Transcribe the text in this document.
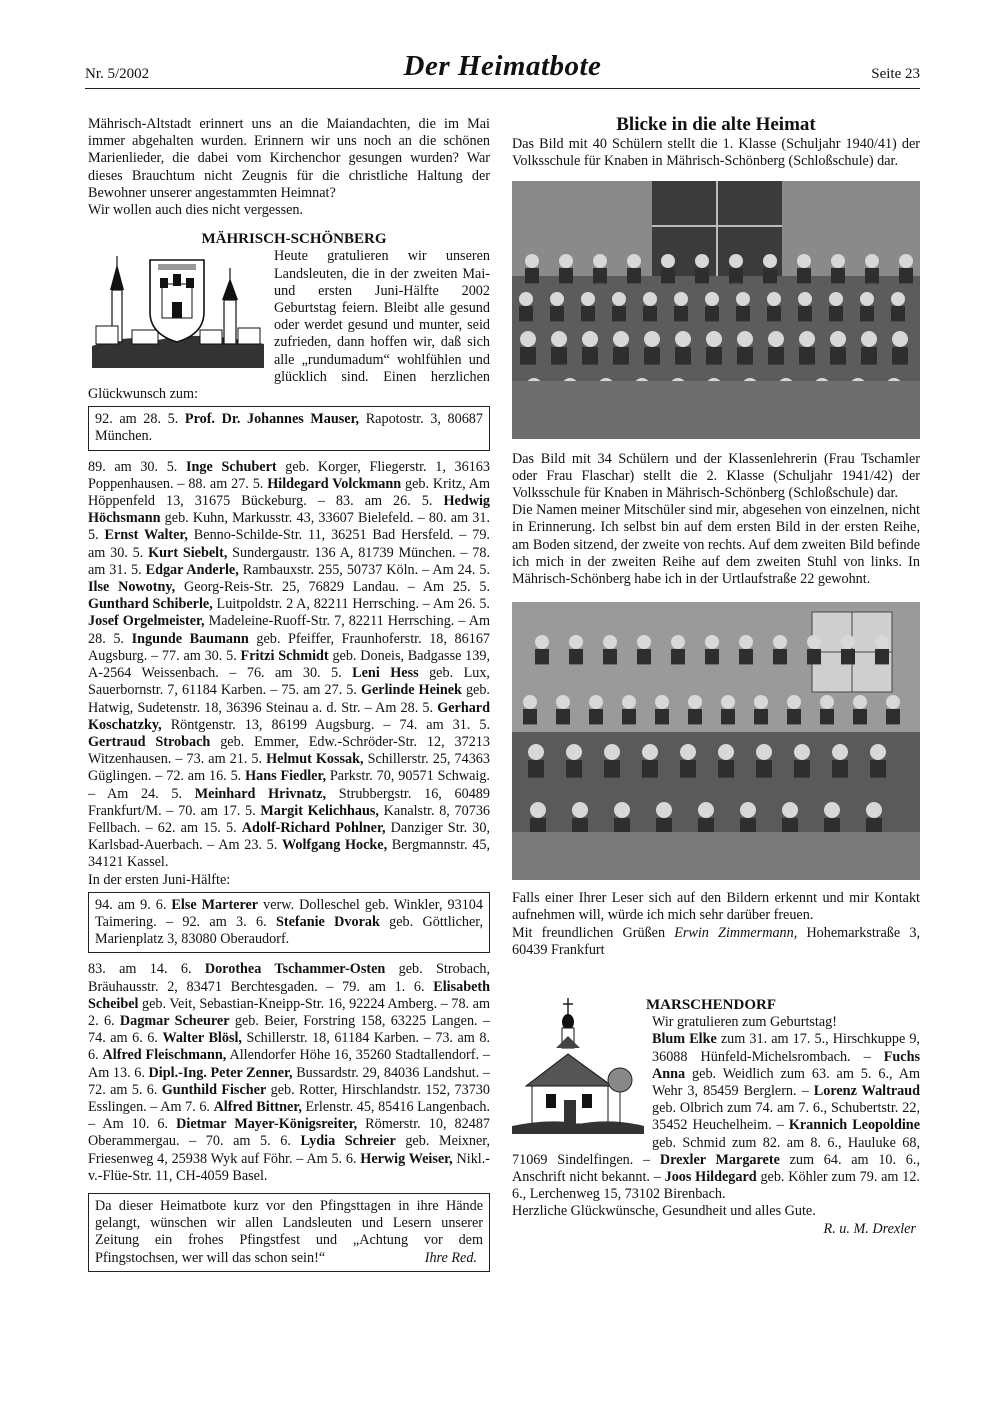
Nr. 5/2002	Der Heimatbote	Seite 23

Mährisch-Altstadt erinnert uns an die Maiandachten, die im Mai immer abgehalten wurden. Erinnern wir uns noch an die schönen Marienlieder, die dabei vom Kirchenchor gesungen wurden? War dieses Brauchtum nicht Zeugnis für die christliche Haltung der Bewohner unserer angestammten Heimnat?

Wir wollen auch dies nicht vergessen.

MÄHRISCH-SCHÖNBERG

Heute gratulieren wir unseren Landsleuten, die in der zweiten Mai- und ersten Juni-Hälfte 2002 Geburtstag feiern. Bleibt alle gesund oder werdet gesund und munter, seid zufrieden, dann hoffen wir, daß sich alle „rundumadum“ wohlfühlen und glücklich sind. Einen herzlichen Glückwunsch zum:

92. am 28. 5. Prof. Dr. Johannes Mauser, Rapotostr. 3, 80687 München.

89. am 30. 5. Inge Schubert geb. Korger, Fliegerstr. 1, 36163 Poppenhausen. – 88. am 27. 5. Hildegard Volckmann geb. Kritz, Am Höppenfeld 13, 31675 Bückeburg. – 83. am 26. 5. Hedwig Höchsmann geb. Kuhn, Markusstr. 43, 33607 Bielefeld. – 80. am 31. 5. Ernst Walter, Benno-Schilde-Str. 11, 36251 Bad Hersfeld. – 79. am 30. 5. Kurt Siebelt, Sundergaustr. 136 A, 81739 München. – 78. am 31. 5. Edgar Anderle, Rambauxstr. 255, 50737 Köln. – Am 24. 5. Ilse Nowotny, Georg-Reis-Str. 25, 76829 Landau. – Am 25. 5. Gunthard Schiberle, Luitpoldstr. 2 A, 82211 Herrsching. – Am 26. 5. Josef Orgelmeister, Madeleine-Ruoff-Str. 7, 82211 Herrsching. – Am 28. 5. Ingunde Baumann geb. Pfeiffer, Fraunhoferstr. 18, 86167 Augsburg. – 77. am 30. 5. Fritzi Schmidt geb. Doneis, Badgasse 139, A-2564 Weissenbach. – 76. am 30. 5. Leni Hess geb. Lux, Sauerbornstr. 7, 61184 Karben. – 75. am 27. 5. Gerlinde Heinek geb. Hatwig, Sudetenstr. 18, 36396 Steinau a. d. Str. – Am 28. 5. Gerhard Koschatzky, Röntgenstr. 13, 86199 Augsburg. – 74. am 31. 5. Gertraud Strobach geb. Emmer, Edw.-Schröder-Str. 12, 37213 Witzenhausen. – 73. am 21. 5. Helmut Kossak, Schillerstr. 25, 74363 Güglingen. – 72. am 16. 5. Hans Fiedler, Parkstr. 70, 90571 Schwaig. – Am 24. 5. Meinhard Hrivnatz, Strubbergstr. 16, 60489 Frankfurt/M. – 70. am 17. 5. Margit Kelichhaus, Kanalstr. 8, 70736 Fellbach. – 62. am 15. 5. Adolf-Richard Pohlner, Danziger Str. 30, Karlsbad-Auerbach. – Am 23. 5. Wolfgang Hocke, Bergmannstr. 45, 34121 Kassel.

In der ersten Juni-Hälfte:

94. am 9. 6. Else Marterer verw. Dolleschel geb. Winkler, 93104 Taimering. – 92. am 3. 6. Stefanie Dvorak geb. Göttlicher, Marienplatz 3, 83080 Oberaudorf.

83. am 14. 6. Dorothea Tschammer-Osten geb. Strobach, Bräuhausstr. 2, 83471 Berchtesgaden. – 79. am 1. 6. Elisabeth Scheibel geb. Veit, Sebastian-Kneipp-Str. 16, 92224 Amberg. – 78. am 2. 6. Dagmar Scheurer geb. Beier, Forstring 158, 63225 Langen. – 74. am 6. 6. Walter Blösl, Schillerstr. 18, 61184 Karben. – 73. am 8. 6. Alfred Fleischmann, Allendorfer Höhe 16, 35260 Stadtallendorf. – Am 13. 6. Dipl.-Ing. Peter Zenner, Bussardstr. 29, 84036 Landshut. – 72. am 5. 6. Gunthild Fischer geb. Rotter, Hirschlandstr. 152, 73730 Esslingen. – Am 7. 6. Alfred Bittner, Erlenstr. 45, 85416 Langenbach. – Am 10. 6. Dietmar Mayer-Königsreiter, Römerstr. 10, 82487 Oberammergau. – 70. am 5. 6. Lydia Schreier geb. Meixner, Friesenweg 4, 25938 Wyk auf Föhr. – Am 5. 6. Herwig Weiser, Nikl.-v.-Flüe-Str. 11, CH-4059 Basel.

Da dieser Heimatbote kurz vor den Pfingsttagen in ihre Hände gelangt, wünschen wir allen Landsleuten und Lesern unserer Zeitung ein frohes Pfingstfest und „Achtung vor dem Pfingstochsen, wer will das schon sein!“	Ihre Red.

Blicke in die alte Heimat

Das Bild mit 40 Schülern stellt die 1. Klasse (Schuljahr 1940/41) der Volksschule für Knaben in Mährisch-Schönberg (Schloßschule) dar.

Das Bild mit 34 Schülern und der Klassenlehrerin (Frau Tschamler oder Frau Flaschar) stellt die 2. Klasse (Schuljahr 1941/42) der Volksschule für Knaben in Mährisch-Schönberg (Schloßschule) dar.

Die Namen meiner Mitschüler sind mir, abgesehen von einzelnen, nicht in Erinnerung. Ich selbst bin auf dem ersten Bild in der ersten Reihe, am Boden sitzend, der zweite von rechts. Auf dem zweiten Bild befinde ich mich in der zweiten Reihe auf dem zweiten Stuhl von links. In Mährisch-Schönberg habe ich in der Urtlaufstraße 22 gewohnt.

Falls einer Ihrer Leser sich auf den Bildern erkennt und mir Kontakt aufnehmen will, würde ich mich sehr darüber freuen.

Mit freundlichen Grüßen Erwin Zimmermann, Hohemarkstraße 3, 60439 Frankfurt

MARSCHENDORF

Wir gratulieren zum Geburtstag!

Blum Elke zum 31. am 17. 5., Hirschkuppe 9, 36088 Hünfeld-Michelsrombach. – Fuchs Anna geb. Weidlich zum 63. am 5. 6., Am Wehr 3, 85459 Berglern. – Lorenz Waltraud geb. Olbrich zum 74. am 7. 6., Schubertstr. 22, 35452 Heuchelheim. – Krannich Leopoldine geb. Schmid zum 82. am 8. 6., Hauluke 68, 71069 Sindelfingen. – Drexler Margarete zum 64. am 10. 6., Anschrift nicht bekannt. – Joos Hildegard geb. Köhler zum 79. am 12. 6., Lerchenweg 15, 73102 Birenbach.

Herzliche Glückwünsche, Gesundheit und alles Gute.

R. u. M. Drexler
